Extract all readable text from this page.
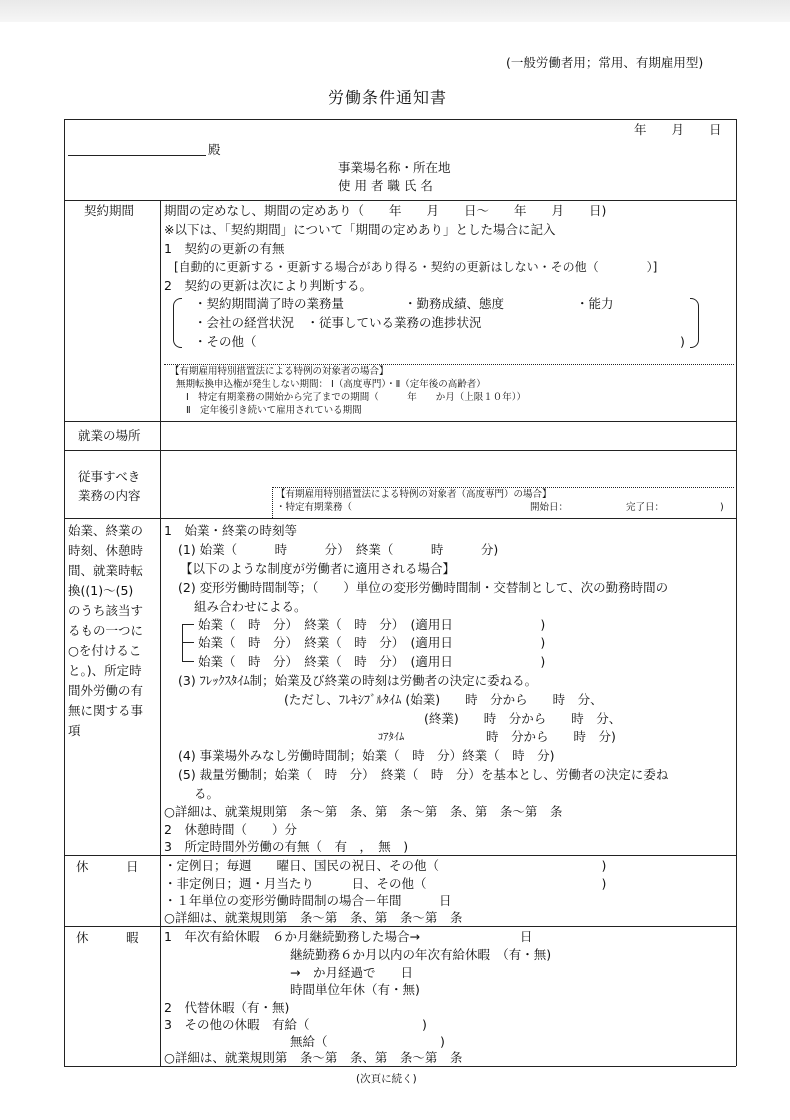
(一般労働者用；常用、有期雇用型)
労働条件通知書
年　　月　　日
殿
事業場名称・所在地
使 用 者 職 氏 名
契約期間 期間の定めなし、期間の定めあり（　　年　　月　　日～　　年　　月　　日)
※以下は、「契約期間」について「期間の定めあり」とした場合に記入
1　契約の更新の有無
[自動的に更新する・更新する場合があり得る・契約の更新はしない・その他（　　　　）]
2　契約の更新は次により判断する。
・契約期間満了時の業務量	・勤務成績、態度	・能力
・会社の経営状況　・従事している業務の進捗状況
・その他（	)
【有期雇用特別措置法による特例の対象者の場合】
無期転換申込権が発生しない期間： Ⅰ（高度専門）・Ⅱ（定年後の高齢者）
Ⅰ　特定有期業務の開始から完了までの期間（　　　年　　か月（上限１０年））
Ⅱ　定年後引き続いて雇用されている期間
就業の場所
従事すべき
業務の内容	【有期雇用特別措置法による特例の対象者（高度専門）の場合】
・特定有期業務（	開始日：	完了日：	)
始業、終業の
時刻、休憩時
間、就業時転
換((1)～(5)
のうち該当す
るもの一つに
○を付けるこ
と。)、所定時
間外労働の有
無に関する事
項
1　始業・終業の時刻等
(1) 始業（　　　時　　　分）　終業（　　　時　　　分)
【以下のような制度が労働者に適用される場合】
(2) 変形労働時間制等；（　　）単位の変形労働時間制・交替制として、次の勤務時間の
組み合わせによる。
始業（　時　分）　終業（　時　分）　(適用日　　　　　　　)
始業（　時　分）　終業（　時　分）　(適用日　　　　　　　)
始業（　時　分）　終業（　時　分）　(適用日　　　　　　　)
(3) ﾌﾚｯｸｽﾀｲﾑ制；始業及び終業の時刻は労働者の決定に委ねる。
(ただし、ﾌﾚｷｼﾌﾞﾙﾀｲﾑ (始業)　　時　分から　　時　分、
(終業)　　時　分から　　時　分、
ｺｱﾀｲﾑ	時　分から　　時　分)
(4) 事業場外みなし労働時間制；始業（　時　分）終業（　時　分)
(5) 裁量労働制；始業（　時　分）　終業（　時　分）を基本とし、労働者の決定に委ね
る。
○詳細は、就業規則第　条～第　条、第　条～第　条、第　条～第　条
2　休憩時間（　　）分
3　所定時間外労働の有無（　有　，　無　)
休　　　日 ・定例日；毎週　　曜日、国民の祝日、その他（　　　　　　　　　　　　　)
・非定例日；週・月当たり　　　日、その他（　　　　　　　　　　　　　　)
・１年単位の変形労働時間制の場合－年間　　　日
○詳細は、就業規則第　条～第　条、第　条～第　条
休　　　暇 1　年次有給休暇　６か月継続勤務した場合→　　　　　　　　日
継続勤務６か月以内の年次有給休暇　（有・無)
→　か月経過で　　日
時間単位年休（有・無)
2　代替休暇（有・無)
3　その他の休暇　有給（　　　　　　　　　)
無給（　　　　　　　　　)
○詳細は、就業規則第　条～第　条、第　条～第　条
(次頁に続く)
